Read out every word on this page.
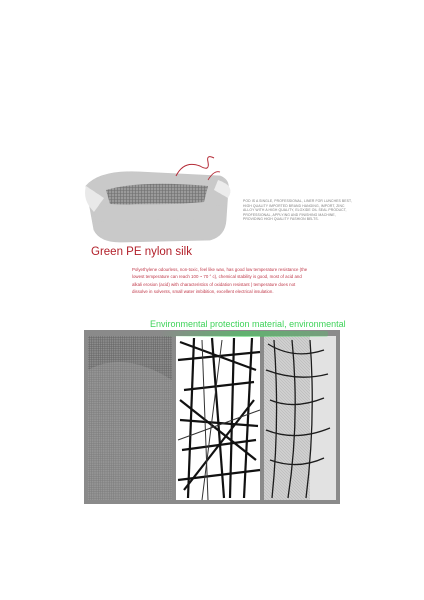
POD IS A SINGLE, PROFESSIONAL, LINER FOR LUNCHES BEST, HIGH QUALITY IMPORTED BRAND HANGING, IMPORT, ZINC ALLOY WITH A HIGH QUALITY, ELOXIDE OIL SEAL PRODUCT, PROFESSIONAL, APPLYING AND FINISHING MACHINE, PROVIDING HIGH QUALITY FASHION BELTS.
Green PE nylon silk
Polyethylene odourless, non-toxic, feel like wax, has good low temperature resistance (the lowest temperature can reach 100 ~ 70 ° c), chemical stability is good, most of acid and alkali erosion (acid) with characteristics of oxidation resistant ) temperature does not dissolve in solvents, small water imbibition, excellent electrical insulation.
Environmental protection material, environmental
